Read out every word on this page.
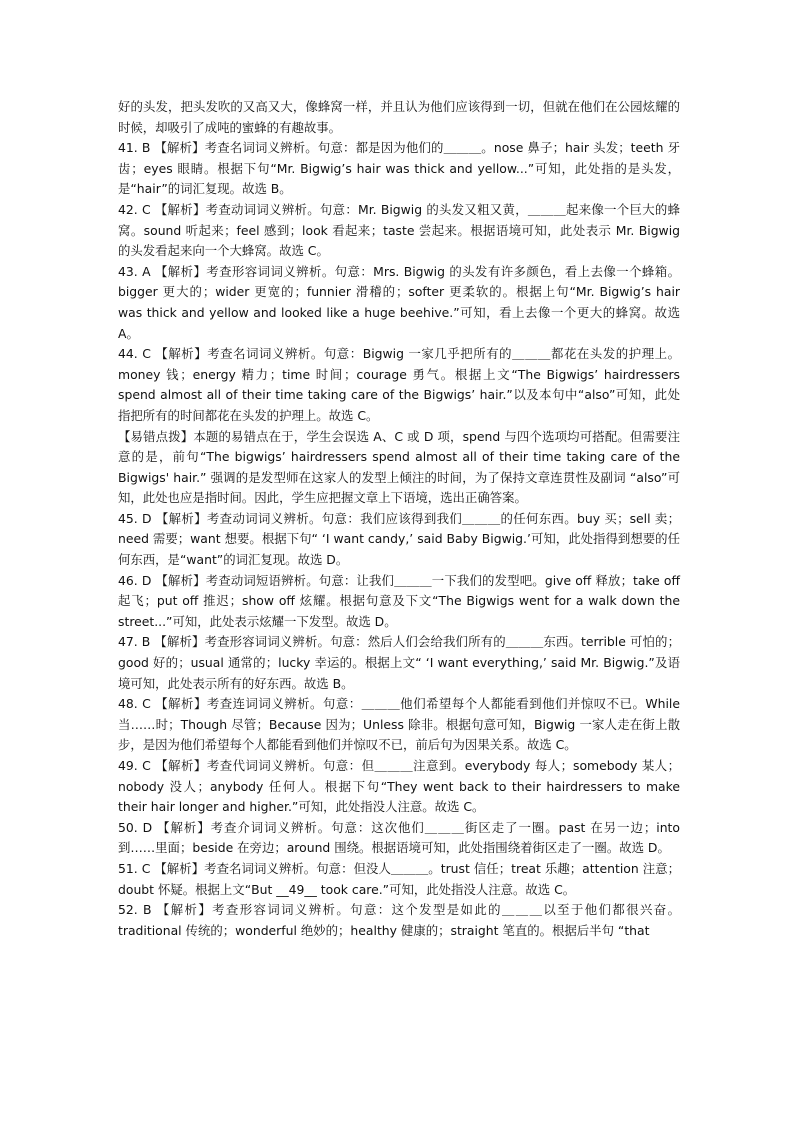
好的头发，把头发吹的又高又大，像蜂窝一样，并且认为他们应该得到一切，但就在他们在公园炫耀的时候，却吸引了成吨的蜜蜂的有趣故事。

41. B 【解析】考查名词词义辨析。句意：都是因为他们的＿＿＿。nose 鼻子；hair 头发；teeth 牙齿；eyes 眼睛。根据下句“Mr. Bigwig’s hair was thick and yellow...”可知，此处指的是头发，是“hair”的词汇复现。故选 B。

42. C 【解析】考查动词词义辨析。句意：Mr. Bigwig 的头发又粗又黄，＿＿＿起来像一个巨大的蜂窝。sound 听起来；feel 感到；look 看起来；taste 尝起来。根据语境可知，此处表示 Mr. Bigwig 的头发看起来向一个大蜂窝。故选 C。

43. A 【解析】考查形容词词义辨析。句意：Mrs. Bigwig 的头发有许多颜色，看上去像一个蜂箱。bigger 更大的；wider 更宽的；funnier 滑稽的；softer 更柔软的。根据上句“Mr. Bigwig’s hair was thick and yellow and looked like a huge beehive.”可知，看上去像一个更大的蜂窝。故选 A。

44. C 【解析】考查名词词义辨析。句意：Bigwig 一家几乎把所有的＿＿＿都花在头发的护理上。money 钱；energy 精力；time 时间；courage 勇气。根据上文“The Bigwigs’ hairdressers spend almost all of their time taking care of the Bigwigs’ hair.”以及本句中“also”可知，此处指把所有的时间都花在头发的护理上。故选 C。

【易错点拨】本题的易错点在于，学生会误选 A、C 或 D 项，spend 与四个选项均可搭配。但需要注意的是，前句“The bigwigs’ hairdressers spend almost all of their time taking care of the Bigwigs' hair.” 强调的是发型师在这家人的发型上倾注的时间，为了保持文章连贯性及副词 “also”可知，此处也应是指时间。因此，学生应把握文章上下语境，选出正确答案。

45. D 【解析】考查动词词义辨析。句意：我们应该得到我们＿＿＿的任何东西。buy 买；sell 卖；need 需要；want 想要。根据下句“ ‘I want candy,’ said Baby Bigwig.’可知，此处指得到想要的任何东西，是“want”的词汇复现。故选 D。

46. D 【解析】考查动词短语辨析。句意：让我们＿＿＿一下我们的发型吧。give off 释放；take off 起飞；put off 推迟；show off 炫耀。根据句意及下文“The Bigwigs went for a walk down the street...”可知，此处表示炫耀一下发型。故选 D。

47. B 【解析】考查形容词词义辨析。句意：然后人们会给我们所有的＿＿＿东西。terrible 可怕的；good 好的；usual 通常的；lucky 幸运的。根据上文“ ‘I want everything,’ said Mr. Bigwig.”及语境可知，此处表示所有的好东西。故选 B。

48. C 【解析】考查连词词义辨析。句意：＿＿＿他们希望每个人都能看到他们并惊叹不已。While 当……时；Though 尽管；Because 因为；Unless 除非。根据句意可知，Bigwig 一家人走在街上散步，是因为他们希望每个人都能看到他们并惊叹不已，前后句为因果关系。故选 C。

49. C 【解析】考查代词词义辨析。句意：但＿＿＿注意到。everybody 每人；somebody 某人；nobody 没人；anybody 任何人。根据下句“They went back to their hairdressers to make their hair longer and higher.”可知，此处指没人注意。故选 C。

50. D 【解析】考查介词词义辨析。句意：这次他们＿＿＿街区走了一圈。past 在另一边；into 到……里面；beside 在旁边；around 围绕。根据语境可知，此处指围绕着街区走了一圈。故选 D。

51. C 【解析】考查名词词义辨析。句意：但没人＿＿＿。trust 信任；treat 乐趣；attention 注意；doubt 怀疑。根据上文“But __49__ took care.”可知，此处指没人注意。故选 C。

52. B 【解析】考查形容词词义辨析。句意：这个发型是如此的＿＿＿以至于他们都很兴奋。traditional 传统的；wonderful 绝妙的；healthy 健康的；straight 笔直的。根据后半句 “that
